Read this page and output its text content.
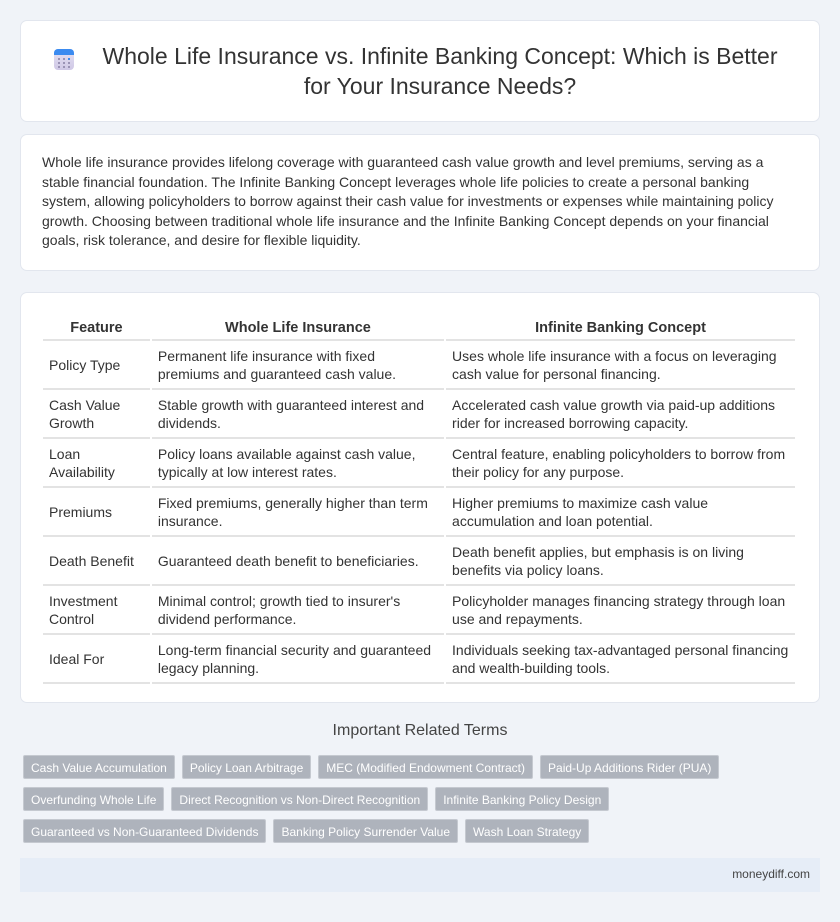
Whole Life Insurance vs. Infinite Banking Concept: Which is Better for Your Insurance Needs?

Whole life insurance provides lifelong coverage with guaranteed cash value growth and level premiums, serving as a stable financial foundation. The Infinite Banking Concept leverages whole life policies to create a personal banking system, allowing policyholders to borrow against their cash value for investments or expenses while maintaining policy growth. Choosing between traditional whole life insurance and the Infinite Banking Concept depends on your financial goals, risk tolerance, and desire for flexible liquidity.

Feature	Whole Life Insurance	Infinite Banking Concept
Policy Type	Permanent life insurance with fixed premiums and guaranteed cash value.	Uses whole life insurance with a focus on leveraging cash value for personal financing.
Cash Value Growth	Stable growth with guaranteed interest and dividends.	Accelerated cash value growth via paid-up additions rider for increased borrowing capacity.
Loan Availability	Policy loans available against cash value, typically at low interest rates.	Central feature, enabling policyholders to borrow from their policy for any purpose.
Premiums	Fixed premiums, generally higher than term insurance.	Higher premiums to maximize cash value accumulation and loan potential.
Death Benefit	Guaranteed death benefit to beneficiaries.	Death benefit applies, but emphasis is on living benefits via policy loans.
Investment Control	Minimal control; growth tied to insurer's dividend performance.	Policyholder manages financing strategy through loan use and repayments.
Ideal For	Long-term financial security and guaranteed legacy planning.	Individuals seeking tax-advantaged personal financing and wealth-building tools.
Important Related Terms
Cash Value Accumulation	Policy Loan Arbitrage	MEC (Modified Endowment Contract)	Paid-Up Additions Rider (PUA)
Overfunding Whole Life	Direct Recognition vs Non-Direct Recognition	Infinite Banking Policy Design
Guaranteed vs Non-Guaranteed Dividends	Banking Policy Surrender Value	Wash Loan Strategy
moneydiff.com
